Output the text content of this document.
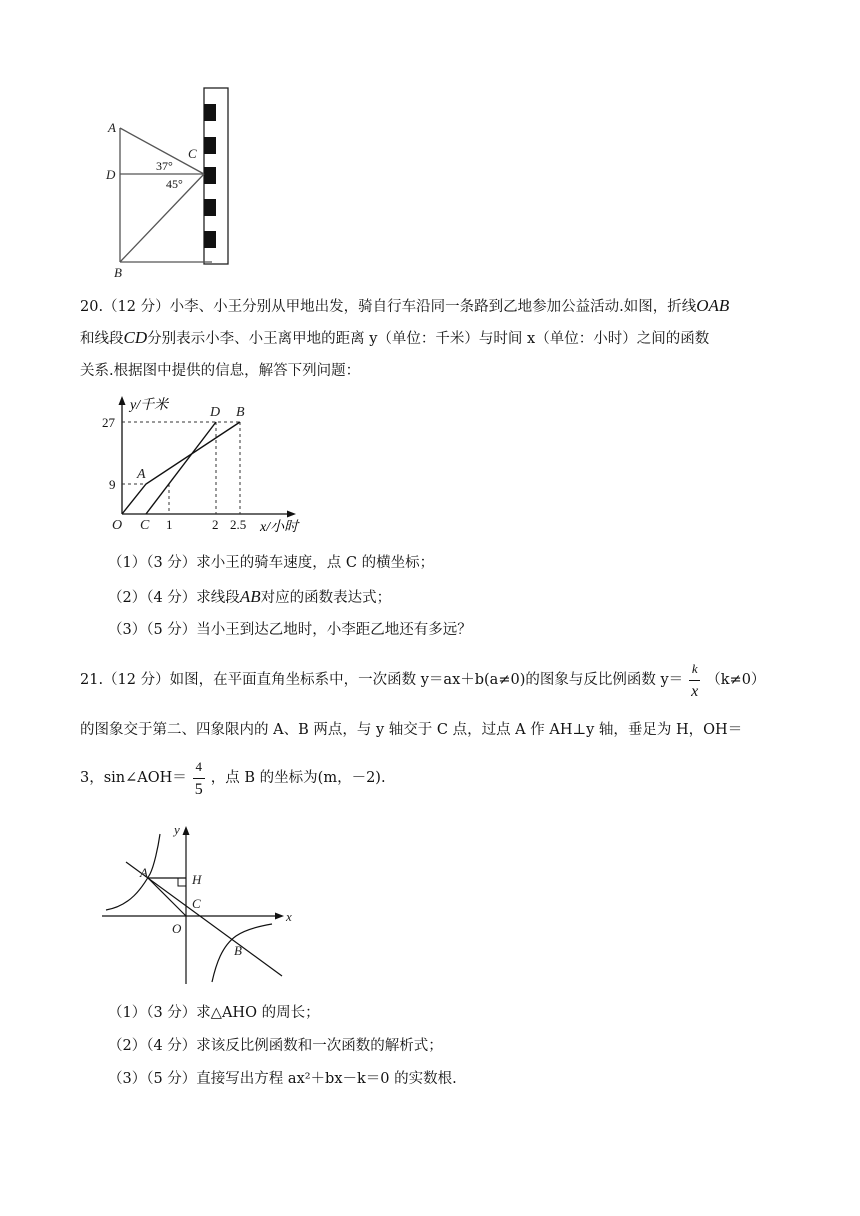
A
D
B
C
37°
45°
20.（12 分）小李、小王分别从甲地出发，骑自行车沿同一条路到乙地参加公益活动.如图，折线OAB
和线段CD分别表示小李、小王离甲地的距离 y（单位：千米）与时间 x（单位：小时）之间的函数
关系.根据图中提供的信息，解答下列问题：
y/千米
x/小时
27
9
O C 1	2 2.5
A
D B
（1）（3 分）求小王的骑车速度，点 C 的横坐标；
（2）（4 分）求线段AB对应的函数表达式；
（3）（5 分）当小王到达乙地时，小李距乙地还有多远？
21.（12 分）如图，在平面直角坐标系中，一次函数 y＝ax＋b(a≠0)的图象与反比例函数 $y= \frac{k}{x} (k\ne 0)$
的图象交于第二、四象限内的 A、B 两点，与 y 轴交于 C 点，过点 A 作 AH⊥y 轴，垂足为 H，OH＝
3，sin∠AOH＝ $\frac{4}{5}$ ，点 B 的坐标为(m，－2).
y
x
A	H
C
O
B
（1）（3 分）求△AHO 的周长；
（2）（4 分）求该反比例函数和一次函数的解析式；
（3）（5 分）直接写出方程 ax²＋bx－k＝0 的实数根.
